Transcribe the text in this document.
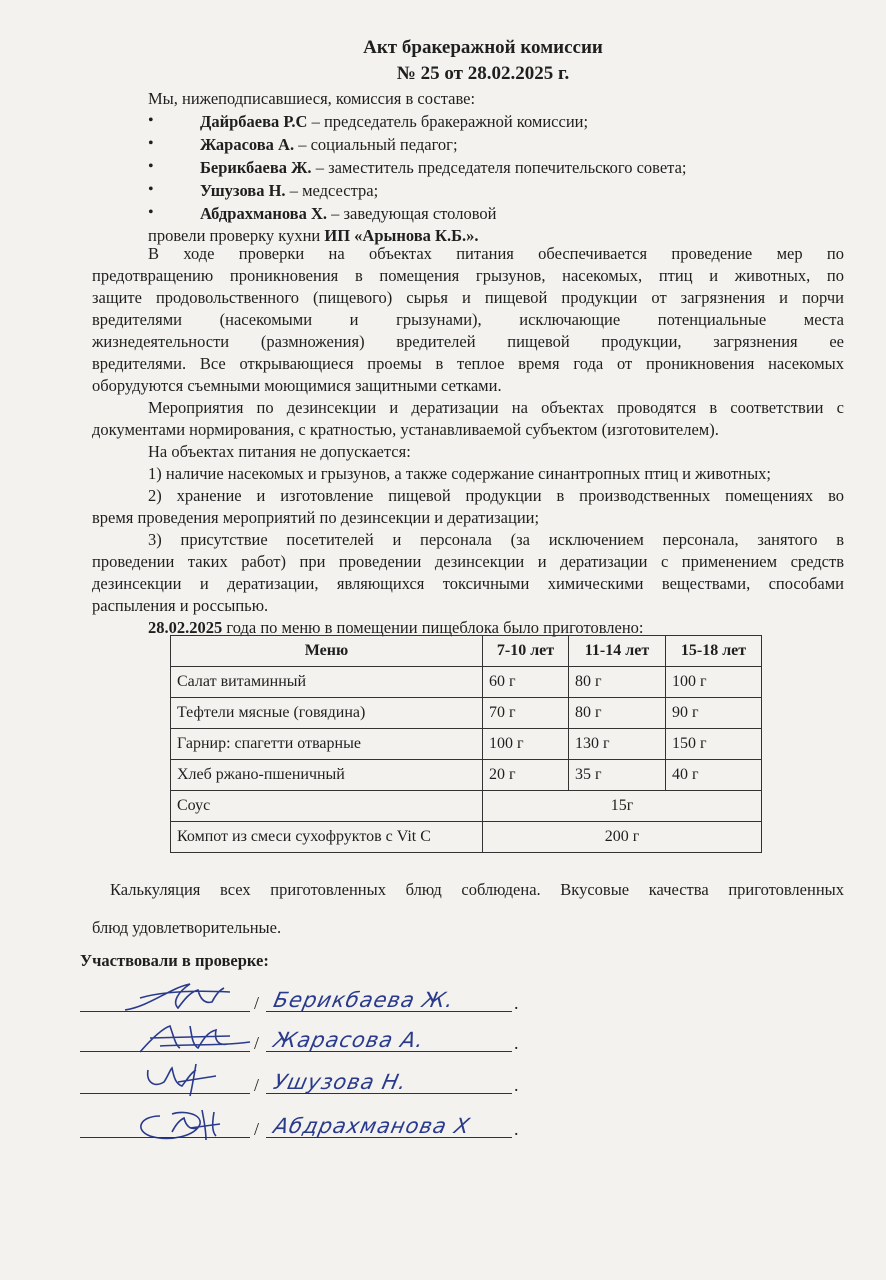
Акт бракеражной комиссии
№ 25 от 28.02.2025 г.
Мы, нижеподписавшиеся, комиссия в составе:
•	Дайрбаева Р.С – председатель бракеражной комиссии;
•	Жарасова А. – социальный педагог;
•	Берикбаева Ж. – заместитель председателя попечительского совета;
•	Ушузова Н. – медсестра;
•	Абдрахманова Х. – заведующая столовой
провели проверку кухни ИП «Арынова К.Б.».
В ходе проверки на объектах питания обеспечивается проведение мер по
предотвращению проникновения в помещения грызунов, насекомых, птиц и животных, по
защите продовольственного (пищевого) сырья и пищевой продукции от загрязнения и порчи
вредителями (насекомыми и грызунами), исключающие потенциальные места
жизнедеятельности (размножения) вредителей пищевой продукции, загрязнения ее
вредителями. Все открывающиеся проемы в теплое время года от проникновения насекомых
оборудуются съемными моющимися защитными сетками.
Мероприятия по дезинсекции и дератизации на объектах проводятся в соответствии с
документами нормирования, с кратностью, устанавливаемой субъектом (изготовителем).
На объектах питания не допускается:
1) наличие насекомых и грызунов, а также содержание синантропных птиц и животных;
2) хранение и изготовление пищевой продукции в производственных помещениях во
время проведения мероприятий по дезинсекции и дератизации;
3) присутствие посетителей и персонала (за исключением персонала, занятого в
проведении таких работ) при проведении дезинсекции и дератизации с применением средств
дезинсекции и дератизации, являющихся токсичными химическими веществами, способами
распыления и россыпью.
28.02.2025 года по меню в помещении пищеблока было приготовлено:
Меню	7-10 лет	11-14 лет	15-18 лет
Салат витаминный	60 г	80 г	100 г
Тефтели мясные (говядина)	70 г	80 г	90 г
Гарнир: спагетти отварные	100 г	130 г	150 г
Хлеб ржано-пшеничный	20 г	35 г	40 г
Соус	15г		
Компот из смеси сухофруктов с Vit C	200 г		
Калькуляция всех приготовленных блюд соблюдена. Вкусовые качества приготовленных
блюд удовлетворительные.
Участвовали в проверке:
/ Берикбаева Ж.	.
/ Жарасова А.	.
/ Ушузова Н.	.
/ Абдрахманова Х .
